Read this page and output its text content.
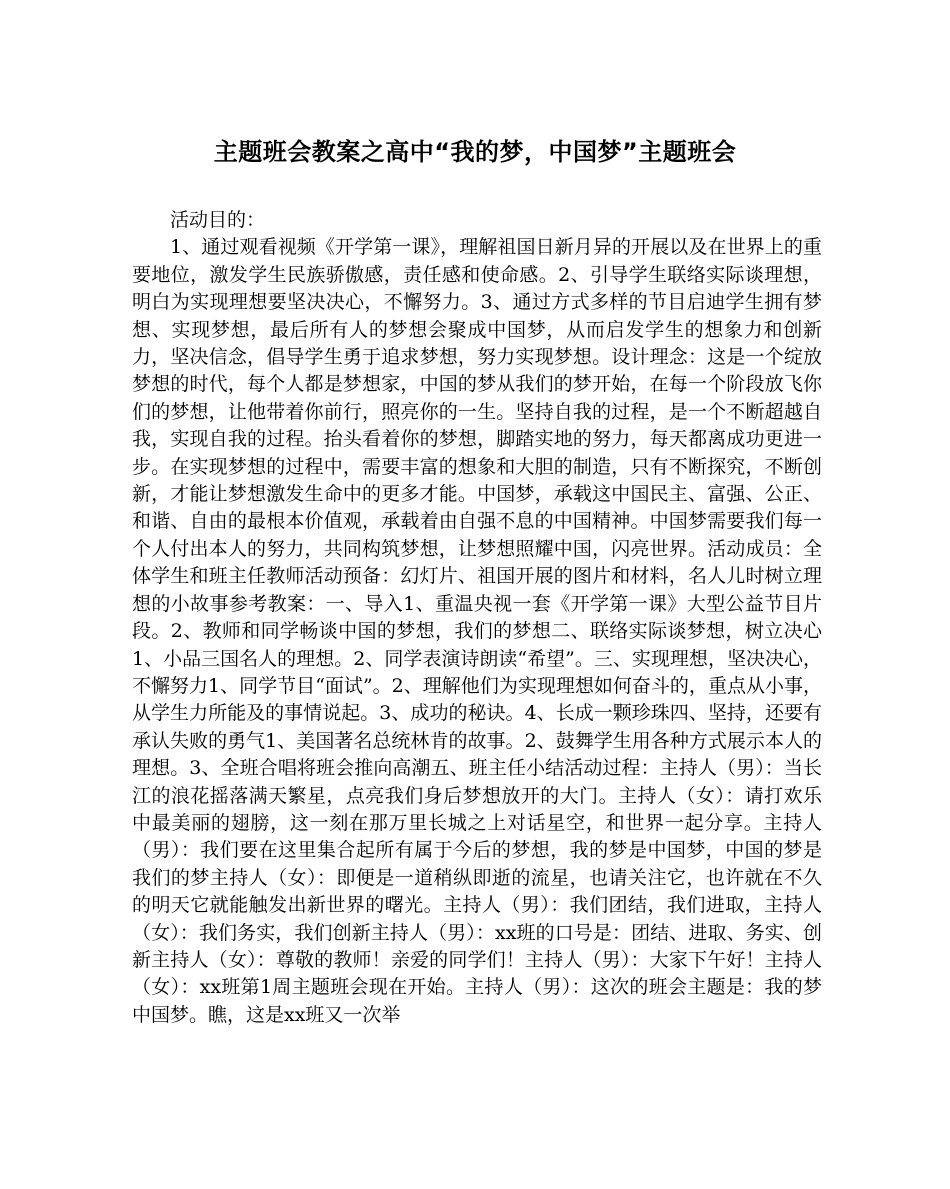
主题班会教案之高中“我的梦，中国梦”主题班会

活动目的：

1、通过观看视频《开学第一课》，理解祖国日新月异的开展以及在世界上的重要地位，激发学生民族骄傲感，责任感和使命感。2、引导学生联络实际谈理想，明白为实现理想要坚决决心，不懈努力。3、通过方式多样的节目启迪学生拥有梦想、实现梦想，最后所有人的梦想会聚成中国梦，从而启发学生的想象力和创新力，坚决信念，倡导学生勇于追求梦想，努力实现梦想。设计理念：这是一个绽放梦想的时代，每个人都是梦想家，中国的梦从我们的梦开始，在每一个阶段放飞你们的梦想，让他带着你前行，照亮你的一生。坚持自我的过程，是一个不断超越自我，实现自我的过程。抬头看着你的梦想，脚踏实地的努力，每天都离成功更进一步。在实现梦想的过程中，需要丰富的想象和大胆的制造，只有不断探究，不断创新，才能让梦想激发生命中的更多才能。中国梦，承载这中国民主、富强、公正、和谐、自由的最根本价值观，承载着由自强不息的中国精神。中国梦需要我们每一个人付出本人的努力，共同构筑梦想，让梦想照耀中国，闪亮世界。活动成员：全体学生和班主任教师活动预备：幻灯片、祖国开展的图片和材料，名人儿时树立理想的小故事参考教案：一、导入1、重温央视一套《开学第一课》大型公益节目片段。2、教师和同学畅谈中国的梦想，我们的梦想二、联络实际谈梦想，树立决心1、小品三国名人的理想。2、同学表演诗朗读“希望”。三、实现理想，坚决决心，不懈努力1、同学节目“面试”。2、理解他们为实现理想如何奋斗的，重点从小事，从学生力所能及的事情说起。3、成功的秘诀。4、长成一颗珍珠四、坚持，还要有承认失败的勇气1、美国著名总统林肯的故事。2、鼓舞学生用各种方式展示本人的理想。3、全班合唱将班会推向高潮五、班主任小结活动过程：主持人（男）：当长江的浪花摇落满天繁星，点亮我们身后梦想放开的大门。主持人（女）：请打欢乐中最美丽的翅膀，这一刻在那万里长城之上对话星空，和世界一起分享。主持人（男）：我们要在这里集合起所有属于今后的梦想，我的梦是中国梦，中国的梦是我们的梦主持人（女）：即便是一道稍纵即逝的流星，也请关注它，也许就在不久的明天它就能触发出新世界的曙光。主持人（男）：我们团结，我们进取，主持人（女）：我们务实，我们创新主持人（男）：xx班的口号是：团结、进取、务实、创新主持人（女）：尊敬的教师！亲爱的同学们！主持人（男）：大家下午好！主持人（女）：xx班第1周主题班会现在开始。主持人（男）：这次的班会主题是：我的梦中国梦。瞧，这是xx班又一次举
